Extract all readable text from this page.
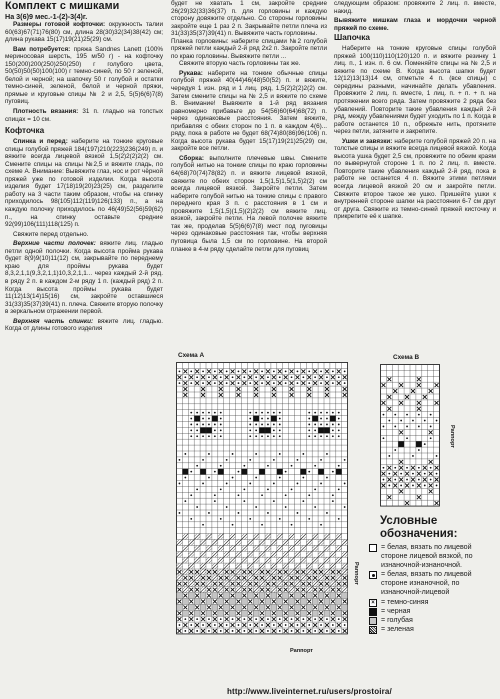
Комплект с мишками

На 3(6)9 мес.-1-(2)-3(4)г.

Размеры готовой кофточки: окружность талии 60(63)67(71)76(80) см, длина 28(30)32(34)38(42) см; длина рукава 15(17)19(21)25(29) см.

Вам потребуется: пряжа Sandnes Lanett (100% мериносовая шерсть, 195 м/50 г) - на кофточку 150(200)200(250)250(250) г голубого цвета, 50(50)50(50)100(100) г темно-синей, по 50 г зеленой, белой и черной; на шапочку 50 г голубой и остатки темно-синей, зеленой, белой и черной пряжи, прямые и круговые спицы № 2 и 2,5, 5(5)6(6)7(8) пуговиц.

Плотность вязания: 31 п. гладью на толстых спицах = 10 см.

Кофточка

Спинка и перед: наберите на тонкие круговые спицы голубой пряжей 184(197)210(223)236(249) п. и вяжите всегда лицевой вязкой 1,5(2)2(2)2(2) см. Смените спицы на спицы №2,5 и вяжите гладь, по схеме А. Внимание: Вывяжите глаз, нос и рот чёрной пряжей уже по готовой изделии. Когда высота изделия будет 17(18)19(20)23(25) см, разделите работу на 3 части таким образом, чтобы на спинку приходилось 98(105)112(119)126(133) п., а на каждую полочку приходилось по 46(49)52(56)59(62) п., на спинку оставьте средние 92(99)106(111)118(125) п.

Свяжите перед отдельно.

Верхние части полочек: вяжите лиц. гладью петли одной полочки. Когда высота пройма рукава будет 8(9)9(10)11(12) см, закрывайте по переднему краю для проймы рукава будет 8,3,2,1,1(9,3,2,1,1)10,3,2,1,1... через каждый 2-й ряд. в ряду 2 п. в каждом 2-м ряду 1 п. (каждый ряд) 2 п. Когда высота проймы рукава будет 11(12)13(14)15(16) см, закройте оставшиеся 31(33)35(37)39(41) п. плеча. Свяжите вторую полочку в зеркальном отражении первой.

Верхняя часть спинки: вяжите лиц. гладью. Когда от длины готового изделия

будет не хватать 1 см, закройте средние 26(29)32(33)36(37) п. для горловины и каждую сторону довяжите отдельно. Со стороны горловины закройте еще 1 раз 2 п. Закрывайте петли плеча из 31(33)35(37)39(41) п. Вывяжите часть горловины.

Планка горловины: наберите спицами №2 голубой пряжей петли каждый 2-й ряд 2х2 п. Закройте петли по краю горловины. Вывяжите петли ...

Свяжите вторую часть горловины так же.

Рукава: наберите на тонкие обычные спицы голубой пряжей 40(44)46(48)50(52) п. и вяжите, чередуя 1 изн. ряд и 1 лиц. ряд, 1,5(2)2(2)2(2) см. Затем смените спицы на № 2,5 и вяжите по схеме В. Внимание! Вывяжите в 1-й ряд вязания равномерно прибавьте до 54(56)60(64)68(72) п. через одинаковые расстояния. Затем вяжите, прибавляя с обеих сторон по 1 п. в каждом 4(6)... ряду, пока в работе не будет 68(74)80(86)96(106) п. Когда высота рукава будет 15(17)19(21)25(29) см, закройте все петли.

Сборка: выполните плечевые швы. Смените голубой нитью на тонкие спицы по краю горловины 64(68)70(74)78(82) п. и вяжите лицевой вязкой, свяжите по обеих сторон 1,5(1,5)1,5(1,5)2(2) см всегда лицевой вязкой. Закройте петли. Затем наберите голубой нитью на тонкие спицы с правого переднего края 3 п. с расстояния в 1 см и провяжите 1,5(1,5)(1,5)(2)2(2) см вяжите лиц. вязкой, закройте петли. На левой полочке вяжите так же, проделав 5(5)6(6)7(8) мест под пуговицы через одинаковые расстояния так, чтобы верхняя пуговица была 1,5 см по горловине. На второй планке в 4-м ряду сделайте петли для пуговиц

следующим образом: провяжите 2 лиц. п. вместе, накид.

Вывяжите мишкам глаза и мордочки черной пряжей по схеме.

Шапочка

Наберите на тонкие круговые спицы голубой пряжей 100(110)110(120)120 п. и вяжите резинку 1 лиц. п., 1 изн. п. 6 см. Поменяйте спицы на № 2,5 и вяжите по схеме В. Когда высота шапки будет 12(12)13(13)14 см, отметьте 4 п. (все спицы) с середины разными, начинайте делать убавления. Провяжите 2 лиц. п. вместе, 1 лиц. п. + п. + п. на протяжении всего ряда. Затем провяжите 2 ряда без убавлений. Повторите такие убавления каждый 2-й ряд, между убавлениями будет уходить по 1 п. Когда в работе останется 10 п., обрежьте нить, протяните через петли, затяните и закрепите.

Ушки и завязки: наберите голубой пряжей 20 п. на толстые спицы и вяжите всегда лицевой вязкой. Когда высота ушка будет 2,5 см, провяжите по обеим краям по вывернутой стороне 1 п. по 2 лиц. п. вместе. Повторите такие убавления каждый 2-й ряд, пока в работе не останется 4 п. Вяжите этими петлями всегда лицевой вязкой 20 см и закройте петли. Свяжите второе такое же ушко. Пришейте ушки к внутренней стороне шапки на расстоянии 6-7 см друг от друга. Свяжите из темно-синей пряжей кисточку и прикрепите её к шапке.

Схема А
Раппорт
Раппорт
Схема В
Раппорт
Условные
обозначения:
= белая, вязать по лицевой стороне лицевой вязкой, по изнаночной-изнаночной.
= белая, вязать по лицевой стороне изнаночной, по изнаночной-лицевой
× = темно-синяя
= черная
= голубая
= зеленая
http://www.liveinternet.ru/users/prostoira/
